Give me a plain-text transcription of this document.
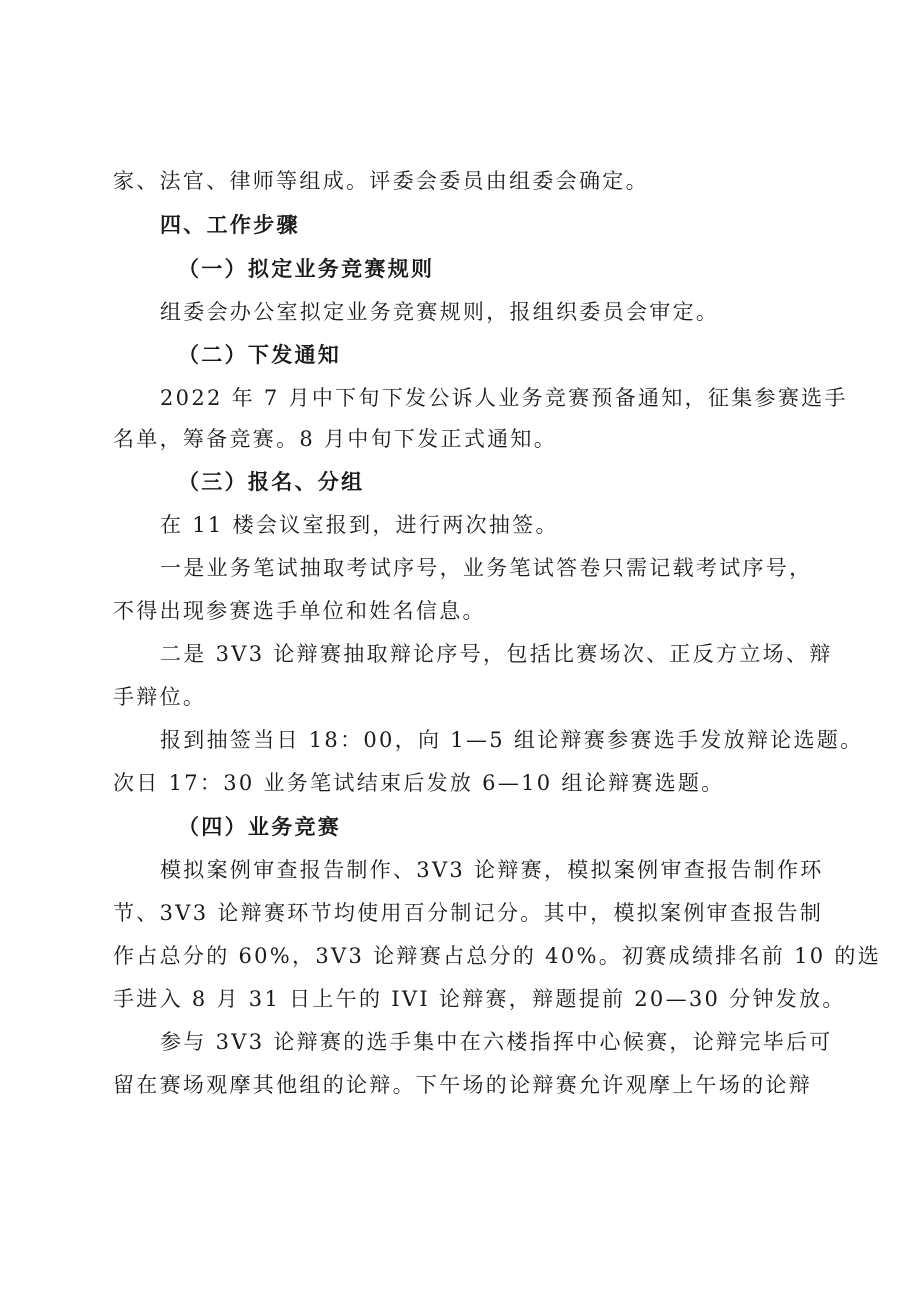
家、法官、律师等组成。评委会委员由组委会确定。
四、工作步骤
（一）拟定业务竞赛规则
组委会办公室拟定业务竞赛规则，报组织委员会审定。
（二）下发通知
2022 年 7 月中下旬下发公诉人业务竞赛预备通知，征集参赛选手
名单，筹备竞赛。8 月中旬下发正式通知。
（三）报名、分组
在 11 楼会议室报到，进行两次抽签。
一是业务笔试抽取考试序号，业务笔试答卷只需记载考试序号，
不得出现参赛选手单位和姓名信息。
二是 3V3 论辩赛抽取辩论序号，包括比赛场次、正反方立场、辩
手辩位。
报到抽签当日 18：00，向 1—5 组论辩赛参赛选手发放辩论选题。
次日 17：30 业务笔试结束后发放 6—10 组论辩赛选题。
（四）业务竞赛
模拟案例审查报告制作、3V3 论辩赛，模拟案例审查报告制作环
节、3V3 论辩赛环节均使用百分制记分。其中，模拟案例审查报告制
作占总分的 60%，3V3 论辩赛占总分的 40%。初赛成绩排名前 10 的选
手进入 8 月 31 日上午的 IVI 论辩赛，辩题提前 20—30 分钟发放。
参与 3V3 论辩赛的选手集中在六楼指挥中心候赛，论辩完毕后可
留在赛场观摩其他组的论辩。下午场的论辩赛允许观摩上午场的论辩
